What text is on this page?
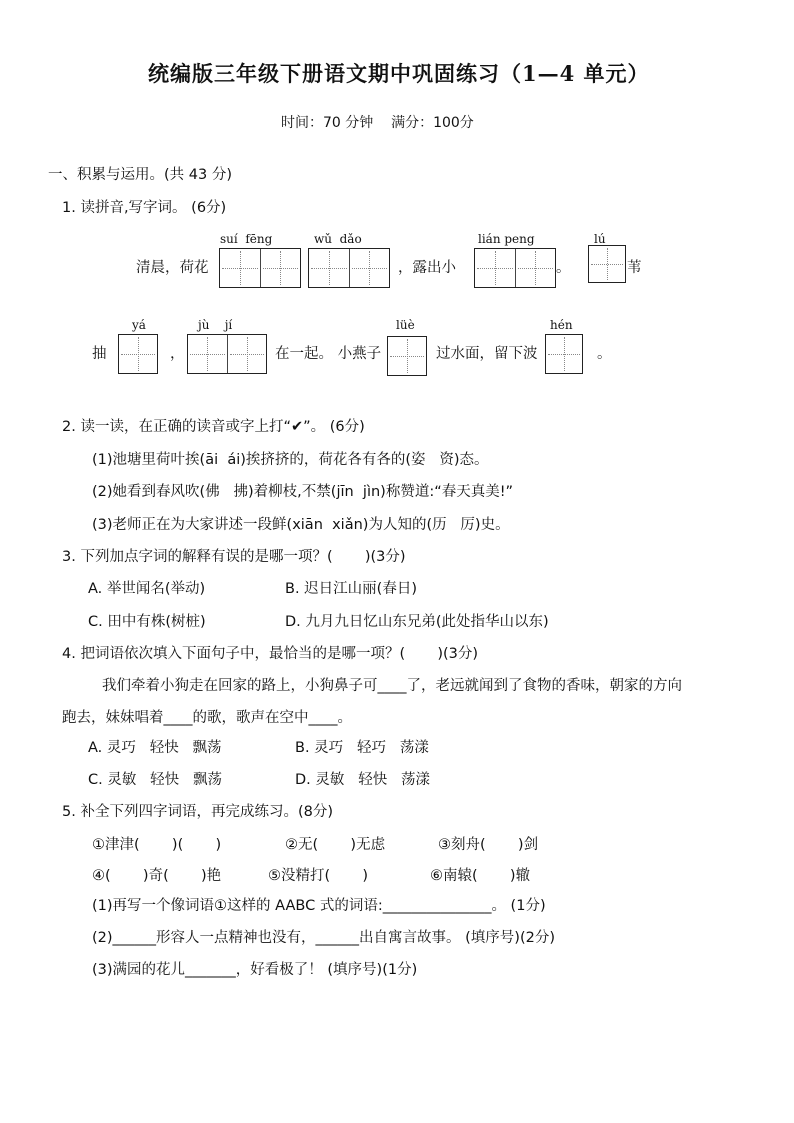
统编版三年级下册语文期中巩固练习（1—4 单元）
时间：70 分钟    满分：100分
一、积累与运用。(共 43 分)
1. 读拼音,写字词。 (6分)
suí  fēng	wǔ  dǎo	lián peng	lú
清晨，荷花	，露出小	。	苇
yá	jù    jí	lüè	hén
抽	，	在一起。 小燕子	过水面，留下波	。
2. 读一读，在正确的读音或字上打“✔”。 (6分)
(1)池塘里荷叶挨(āi  ái)挨挤挤的，荷花各有各的(姿   资)态。
(2)她看到春风吹(佛   拂)着柳枝,不禁(jīn  jìn)称赞道:“春天真美!”
(3)老师正在为大家讲述一段鲜(xiān  xiǎn)为人知的(历   厉)史。
3. 下列加点字词的解释有误的是哪一项？(       )(3分)
A. 举世闻名(举动)	B. 迟日江山丽(春日)
C. 田中有株(树桩)	D. 九月九日忆山东兄弟(此处指华山以东)
4. 把词语依次填入下面句子中，最恰当的是哪一项？(       )(3分)
我们牵着小狗走在回家的路上，小狗鼻子可____了，老远就闻到了食物的香味，朝家的方向
跑去，妹妹唱着____的歌，歌声在空中____。
A. 灵巧   轻快   飘荡	B. 灵巧   轻巧   荡漾
C. 灵敏   轻快   飘荡	D. 灵敏   轻快   荡漾
5. 补全下列四字词语，再完成练习。(8分)
①津津(       )(       )	②无(       )无虑	③刻舟(       )剑
④(       )奇(       )艳	⑤没精打(       )	⑥南辕(       )辙
(1)再写一个像词语①这样的 AABC 式的词语:_______________。 (1分)
(2)______形容人一点精神也没有，______出自寓言故事。 (填序号)(2分)
(3)满园的花儿_______，好看极了！ (填序号)(1分)
